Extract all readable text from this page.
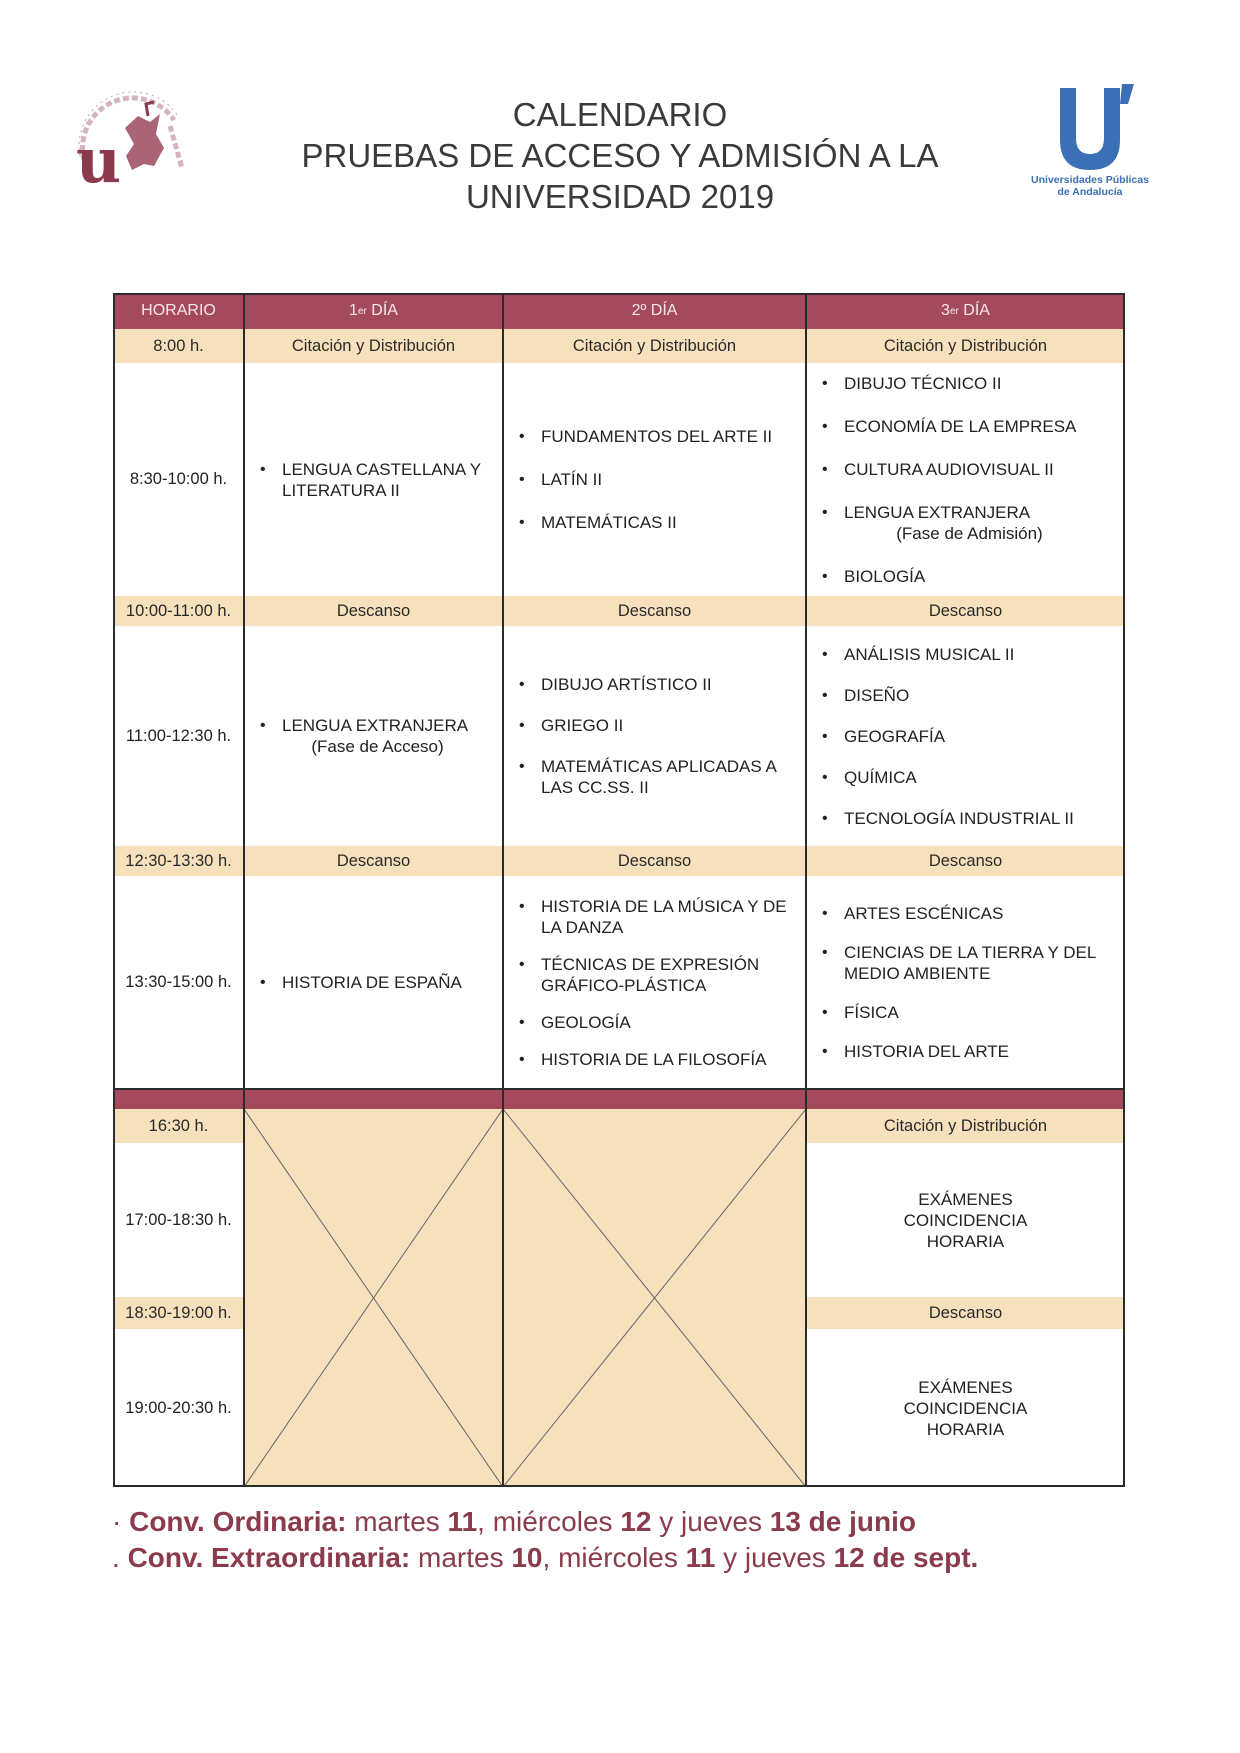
u
CALENDARIO
PRUEBAS DE ACCESO Y ADMISIÓN A LA
UNIVERSIDAD 2019	Universidades Públicas
de Andalucía
HORARIO	1 er
DÍA	2º
DÍA	3 er
DÍA
8:00 h.	Citación y Distribución	Citación y Distribución	Citación y Distribución
8:30-10:00 h.
• LENGUA CASTELLANA Y LITERATURA II
• FUNDAMENTOS DEL ARTE II
• LATÍN II
• MATEMÁTICAS II
• DIBUJO TÉCNICO II
• ECONOMÍA DE LA EMPRESA
• CULTURA AUDIOVISUAL II
• LENGUA EXTRANJERA
(Fase de Admisión)
• BIOLOGÍA
10:00-11:00 h.	Descanso	Descanso	Descanso
11:00-12:30 h.
• LENGUA EXTRANJERA
(Fase de Acceso)
• DIBUJO ARTÍSTICO II
• GRIEGO II
• MATEMÁTICAS APLICADAS A LAS CC.SS. II
• ANÁLISIS MUSICAL II
• DISEÑO
• GEOGRAFÍA
• QUÍMICA
• TECNOLOGÍA INDUSTRIAL II
12:30-13:30 h.	Descanso	Descanso	Descanso
13:30-15:00 h.
•	HISTORIA DE ESPAÑA
• HISTORIA DE LA MÚSICA Y DE LA DANZA
• TÉCNICAS DE EXPRESIÓN GRÁFICO-PLÁSTICA
• GEOLOGÍA
• HISTORIA DE LA FILOSOFÍA
• ARTES ESCÉNICAS
• CIENCIAS DE LA TIERRA Y DEL MEDIO AMBIENTE
• FÍSICA
• HISTORIA DEL ARTE
16:30 h.	Citación y Distribución
17:00-18:30 h.
EXÁMENES COINCIDENCIA HORARIA
18:30-19:00 h.	Descanso
19:00-20:30 h.
EXÁMENES COINCIDENCIA HORARIA
· Conv. Ordinaria: martes 11, miércoles 12 y jueves 13 de junio
. Conv. Extraordinaria: martes 10, miércoles 11 y jueves 12 de sept.
